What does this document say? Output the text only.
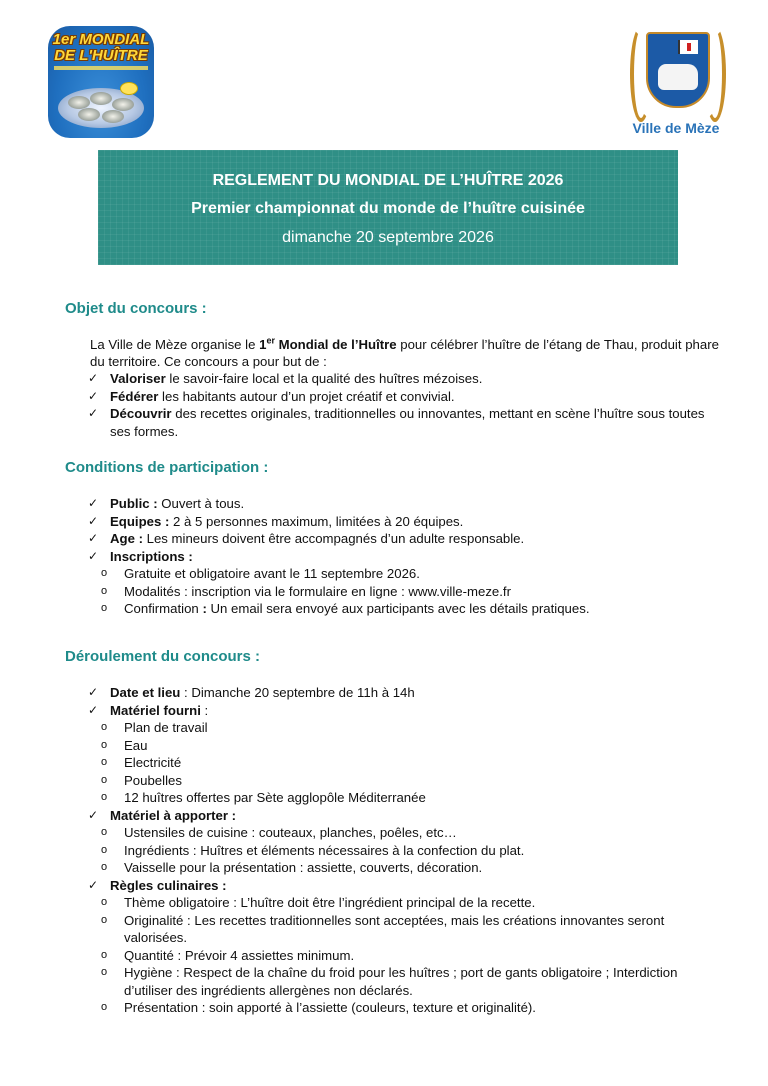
1er MONDIAL
DE L'HUÎTRE
Ville de Mèze
REGLEMENT DU MONDIAL DE L’HUÎTRE 2026
Premier championnat du monde de l’huître cuisinée
dimanche 20 septembre 2026
Objet du concours :
La Ville de Mèze organise le 1er Mondial de l’Huître pour célébrer l’huître de l’étang de Thau, produit phare du territoire. Ce concours a pour but de :
✓ Valoriser le savoir-faire local et la qualité des huîtres mézoises.
✓ Fédérer les habitants autour d’un projet créatif et convivial.
✓ Découvrir des recettes originales, traditionnelles ou innovantes, mettant en scène l’huître sous toutes ses formes.
Conditions de participation :
✓ Public : Ouvert à tous.
✓ Equipes : 2 à 5 personnes maximum, limitées à 20 équipes.
✓ Age : Les mineurs doivent être accompagnés d’un adulte responsable.
✓ Inscriptions :
o Gratuite et obligatoire avant le 11 septembre 2026.
o Modalités : inscription via le formulaire en ligne : www.ville-meze.fr
o Confirmation : Un email sera envoyé aux participants avec les détails pratiques.
Déroulement du concours :
✓ Date et lieu : Dimanche 20 septembre de 11h à 14h
✓ Matériel fourni :
o Plan de travail
o Eau
o Electricité
o Poubelles
o 12 huîtres offertes par Sète agglopôle Méditerranée
✓ Matériel à apporter :
o Ustensiles de cuisine : couteaux, planches, poêles, etc…
o Ingrédients : Huîtres et éléments nécessaires à la confection du plat.
o Vaisselle pour la présentation : assiette, couverts, décoration.
✓ Règles culinaires :
o Thème obligatoire : L’huître doit être l’ingrédient principal de la recette.
o Originalité : Les recettes traditionnelles sont acceptées, mais les créations innovantes seront valorisées.
o Quantité : Prévoir 4 assiettes minimum.
o Hygiène : Respect de la chaîne du froid pour les huîtres ; port de gants obligatoire ; Interdiction d’utiliser des ingrédients allergènes non déclarés.
o Présentation : soin apporté à l’assiette (couleurs, texture et originalité).
